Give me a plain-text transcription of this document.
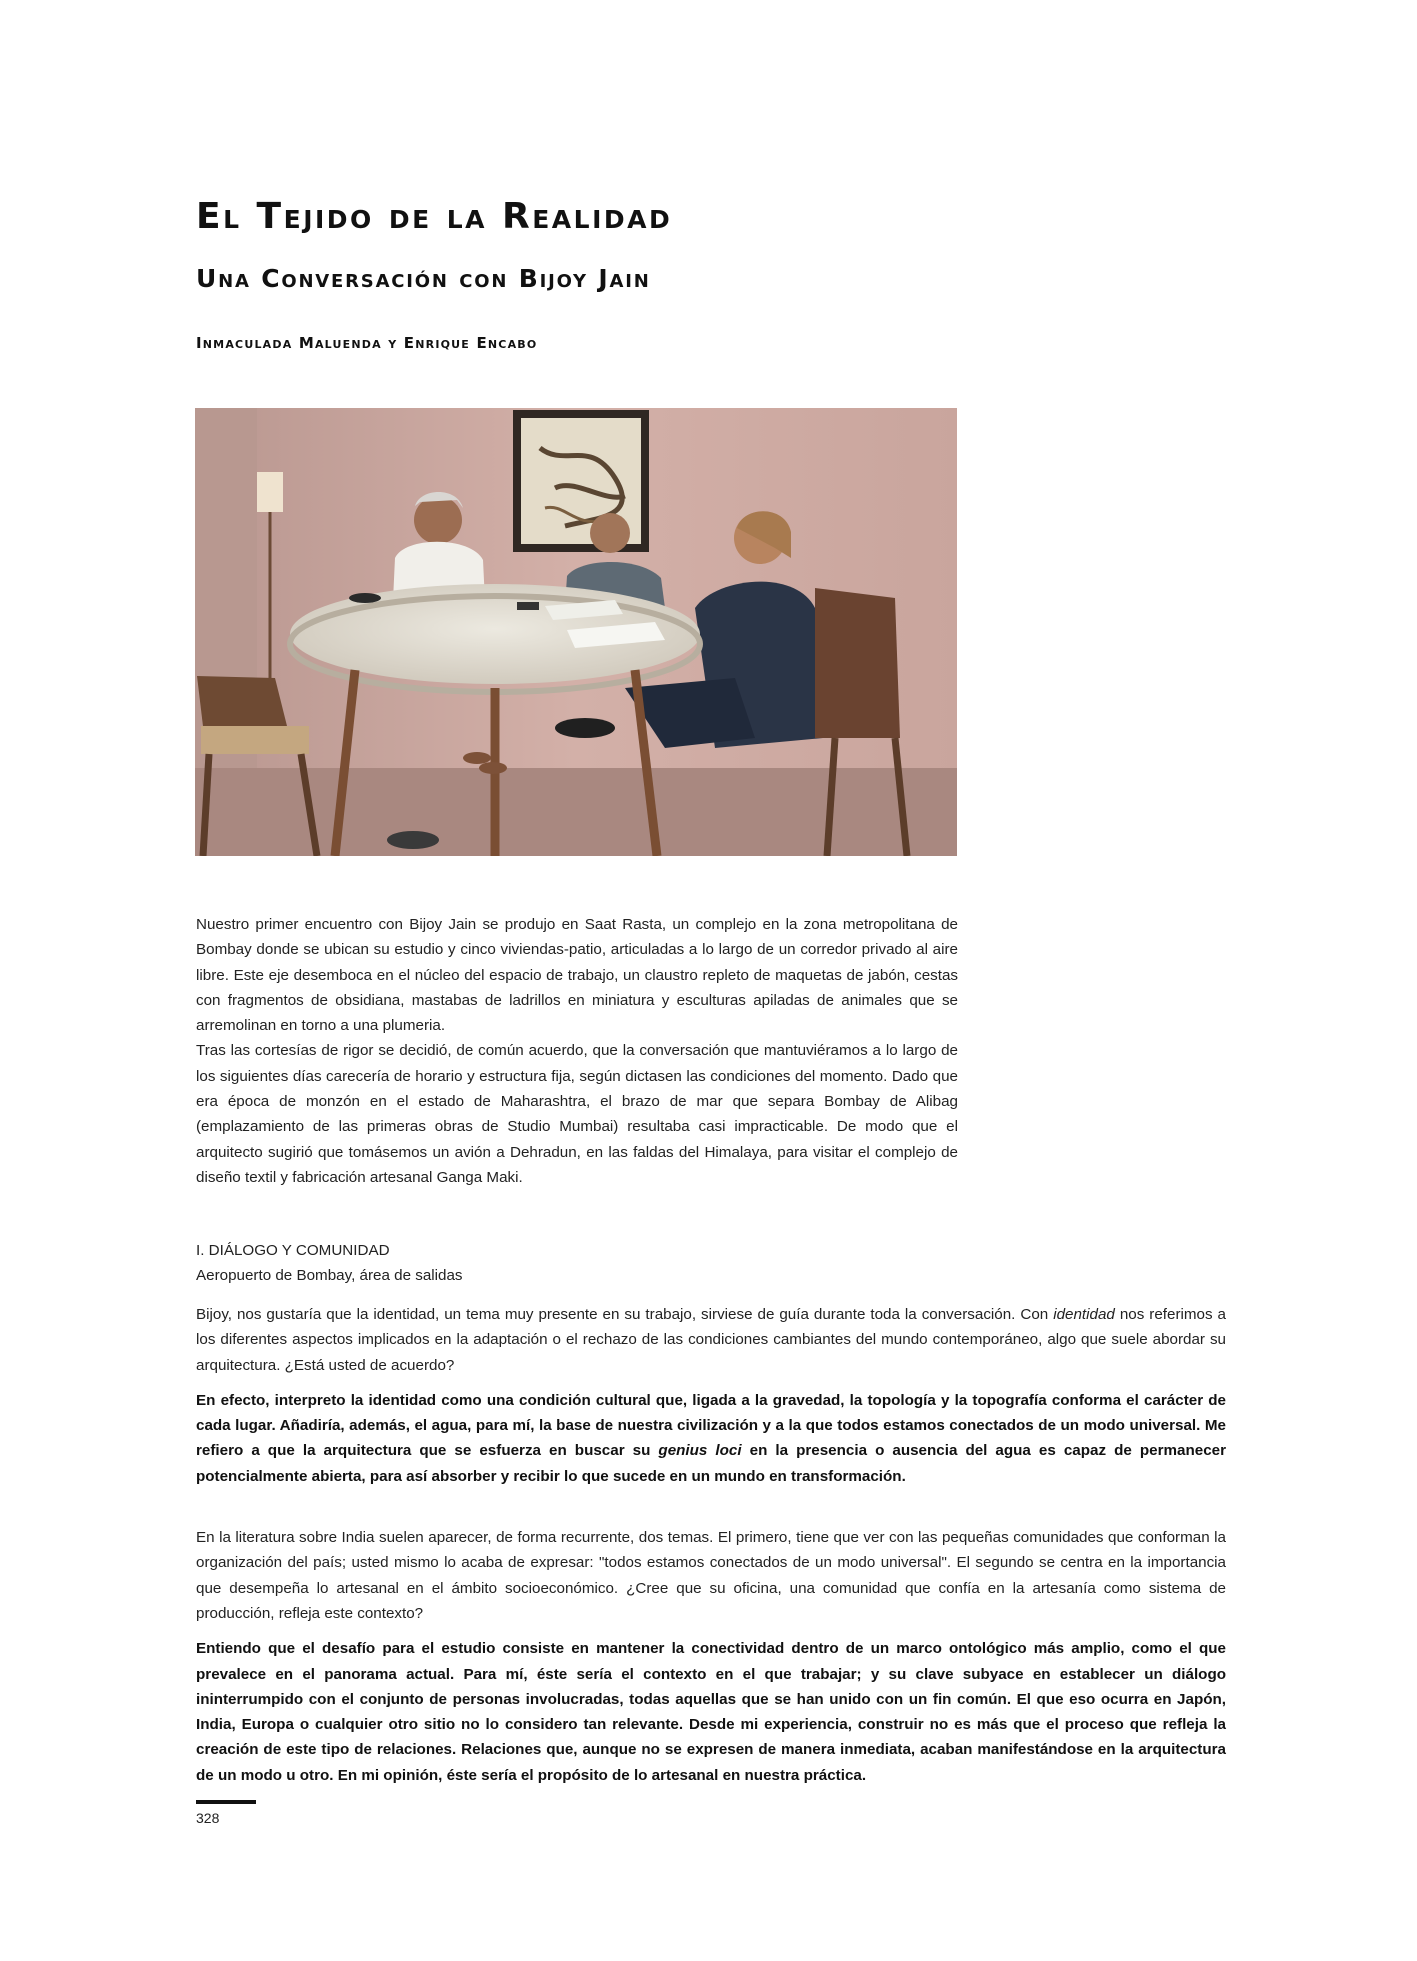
El Tejido de la Realidad
Una Conversación con Bijoy Jain

Inmaculada Maluenda y Enrique Encabo

Nuestro primer encuentro con Bijoy Jain se produjo en Saat Rasta, un complejo en la zona metropolitana de Bombay donde se ubican su estudio y cinco viviendas-patio, articuladas a lo largo de un corredor privado al aire libre. Este eje desemboca en el núcleo del espacio de trabajo, un claustro repleto de maquetas de jabón, cestas con fragmentos de obsidiana, mastabas de ladrillos en miniatura y esculturas apiladas de animales que se arremolinan en torno a una plumeria.

Tras las cortesías de rigor se decidió, de común acuerdo, que la conversación que mantuviéramos a lo largo de los siguientes días carecería de horario y estructura fija, según dictasen las condiciones del momento. Dado que era época de monzón en el estado de Maharashtra, el brazo de mar que separa Bombay de Alibag (emplazamiento de las primeras obras de Studio Mumbai) resultaba casi impracticable. De modo que el arquitecto sugirió que tomásemos un avión a Dehradun, en las faldas del Himalaya, para visitar el complejo de diseño textil y fabricación artesanal Ganga Maki.

I. DIÁLOGO Y COMUNIDAD

Aeropuerto de Bombay, área de salidas

Bijoy, nos gustaría que la identidad, un tema muy presente en su trabajo, sirviese de guía durante toda la conversación. Con identidad nos referimos a los diferentes aspectos implicados en la adaptación o el rechazo de las condiciones cambiantes del mundo contemporáneo, algo que suele abordar su arquitectura. ¿Está usted de acuerdo?

En efecto, interpreto la identidad como una condición cultural que, ligada a la gravedad, la topología y la topografía conforma el carácter de cada lugar. Añadiría, además, el agua, para mí, la base de nuestra civilización y a la que todos estamos conectados de un modo universal. Me refiero a que la arquitectura que se esfuerza en buscar su genius loci en la presencia o ausencia del agua es capaz de permanecer potencialmente abierta, para así absorber y recibir lo que sucede en un mundo en transformación.

En la literatura sobre India suelen aparecer, de forma recurrente, dos temas. El primero, tiene que ver con las pequeñas comunidades que conforman la organización del país; usted mismo lo acaba de expresar: "todos estamos conectados de un modo universal". El segundo se centra en la importancia que desempeña lo artesanal en el ámbito socioeconómico. ¿Cree que su oficina, una comunidad que confía en la artesanía como sistema de producción, refleja este contexto?

Entiendo que el desafío para el estudio consiste en mantener la conectividad dentro de un marco ontológico más amplio, como el que prevalece en el panorama actual. Para mí, éste sería el contexto en el que trabajar; y su clave subyace en establecer un diálogo ininterrumpido con el conjunto de personas involucradas, todas aquellas que se han unido con un fin común. El que eso ocurra en Japón, India, Europa o cualquier otro sitio no lo considero tan relevante. Desde mi experiencia, construir no es más que el proceso que refleja la creación de este tipo de relaciones. Relaciones que, aunque no se expresen de manera inmediata, acaban manifestándose en la arquitectura de un modo u otro. En mi opinión, éste sería el propósito de lo artesanal en nuestra práctica.

328
